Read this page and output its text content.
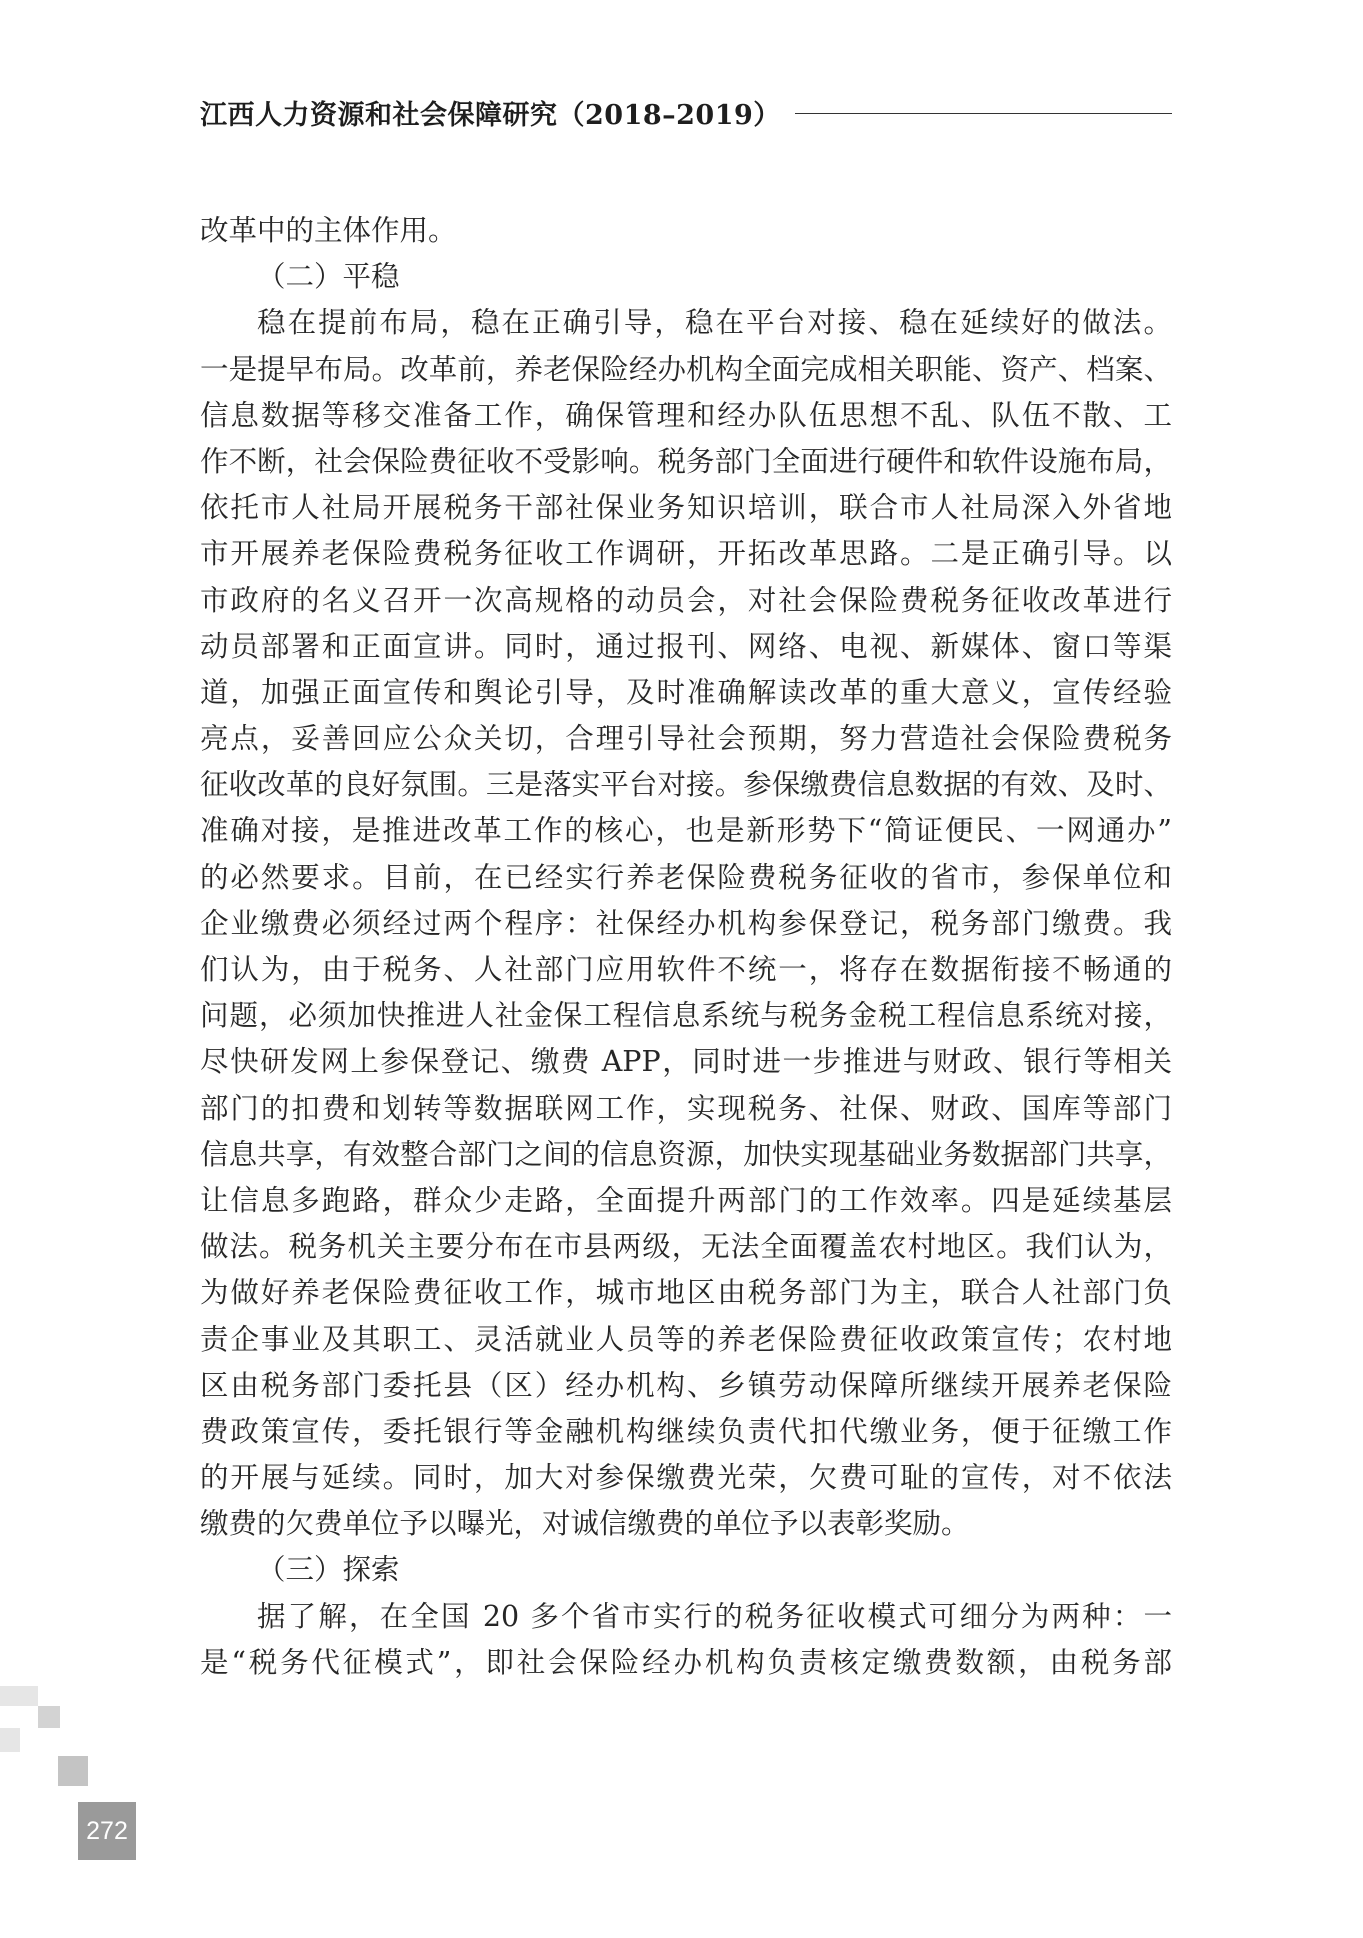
江西人力资源和社会保障研究（2018–2019）
改革中的主体作用。
（二）平稳
稳在提前布局，稳在正确引导，稳在平台对接、稳在延续好的做法。
一是提早布局。改革前，养老保险经办机构全面完成相关职能、资产、档案、
信息数据等移交准备工作，确保管理和经办队伍思想不乱、队伍不散、工
作不断，社会保险费征收不受影响。税务部门全面进行硬件和软件设施布局，
依托市人社局开展税务干部社保业务知识培训，联合市人社局深入外省地
市开展养老保险费税务征收工作调研，开拓改革思路。二是正确引导。以
市政府的名义召开一次高规格的动员会，对社会保险费税务征收改革进行
动员部署和正面宣讲。同时，通过报刊、网络、电视、新媒体、窗口等渠
道，加强正面宣传和舆论引导，及时准确解读改革的重大意义，宣传经验
亮点，妥善回应公众关切，合理引导社会预期，努力营造社会保险费税务
征收改革的良好氛围。三是落实平台对接。参保缴费信息数据的有效、及时、
准确对接，是推进改革工作的核心，也是新形势下“简证便民、一网通办”
的必然要求。目前，在已经实行养老保险费税务征收的省市，参保单位和
企业缴费必须经过两个程序：社保经办机构参保登记，税务部门缴费。我
们认为，由于税务、人社部门应用软件不统一，将存在数据衔接不畅通的
问题，必须加快推进人社金保工程信息系统与税务金税工程信息系统对接，
尽快研发网上参保登记、缴费 APP，同时进一步推进与财政、银行等相关
部门的扣费和划转等数据联网工作，实现税务、社保、财政、国库等部门
信息共享，有效整合部门之间的信息资源，加快实现基础业务数据部门共享，
让信息多跑路，群众少走路，全面提升两部门的工作效率。四是延续基层
做法。税务机关主要分布在市县两级，无法全面覆盖农村地区。我们认为，
为做好养老保险费征收工作，城市地区由税务部门为主，联合人社部门负
责企事业及其职工、灵活就业人员等的养老保险费征收政策宣传；农村地
区由税务部门委托县（区）经办机构、乡镇劳动保障所继续开展养老保险
费政策宣传，委托银行等金融机构继续负责代扣代缴业务，便于征缴工作
的开展与延续。同时，加大对参保缴费光荣，欠费可耻的宣传，对不依法
缴费的欠费单位予以曝光，对诚信缴费的单位予以表彰奖励。
（三）探索
据了解，在全国 20 多个省市实行的税务征收模式可细分为两种：一
是“税务代征模式”，即社会保险经办机构负责核定缴费数额，由税务部
272
